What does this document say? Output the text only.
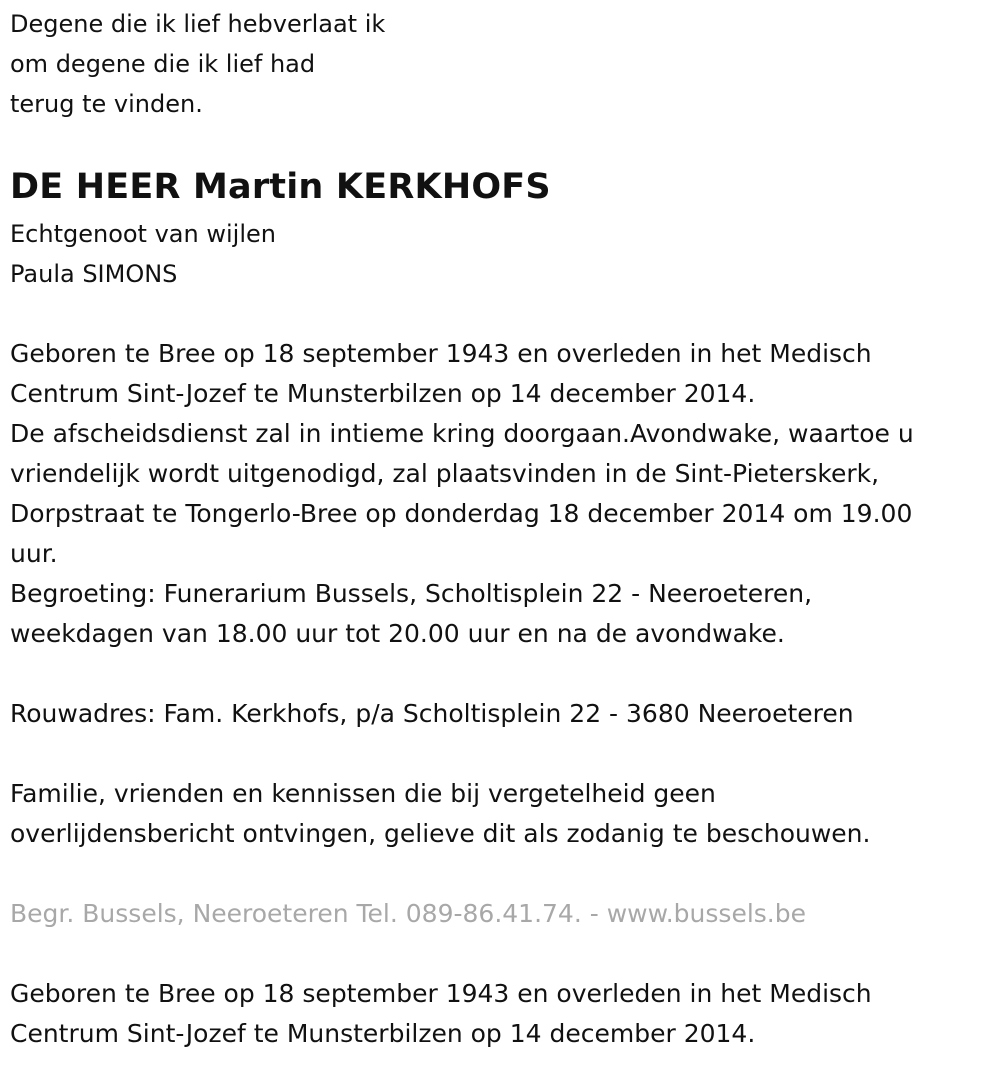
Degene die ik lief hebverlaat ik
om degene die ik lief had
terug te vinden.
DE HEER Martin KERKHOFS
Echtgenoot van wijlen
Paula SIMONS
Geboren te Bree op 18 september 1943 en overleden in het Medisch
Centrum Sint-Jozef te Munsterbilzen op 14 december 2014.
De afscheidsdienst zal in intieme kring doorgaan.Avondwake, waartoe u
vriendelijk wordt uitgenodigd, zal plaatsvinden in de Sint-Pieterskerk,
Dorpstraat te Tongerlo-Bree op donderdag 18 december 2014 om 19.00
uur.
Begroeting: Funerarium Bussels, Scholtisplein 22 - Neeroeteren,
weekdagen van 18.00 uur tot 20.00 uur en na de avondwake.
Rouwadres: Fam. Kerkhofs, p/a Scholtisplein 22 - 3680 Neeroeteren
Familie, vrienden en kennissen die bij vergetelheid geen
overlijdensbericht ontvingen, gelieve dit als zodanig te beschouwen.
Begr. Bussels, Neeroeteren Tel. 089-86.41.74. - www.bussels.be
Geboren te Bree op 18 september 1943 en overleden in het Medisch
Centrum Sint-Jozef te Munsterbilzen op 14 december 2014.
